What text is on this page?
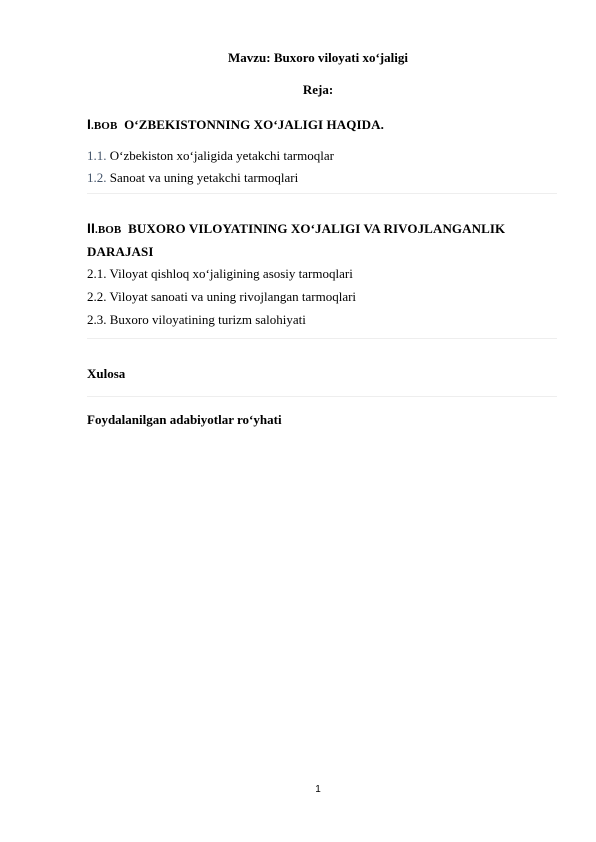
Mavzu: Buxoro viloyati xo‘jaligi
Reja:
I.BOB O‘ZBEKISTONNING XO‘JALIGI HAQIDA.
1.1. O‘zbekiston xo‘jaligida yetakchi tarmoqlar
1.2. Sanoat va uning yetakchi tarmoqlari
II.BOB BUXORO VILOYATINING XO‘JALIGI VA RIVOJLANGANLIK
DARAJASI
2.1. Viloyat qishloq xo‘jaligining asosiy tarmoqlari
2.2. Viloyat sanoati va uning rivojlangan tarmoqlari
2.3. Buxoro viloyatining turizm salohiyati
Xulosa
Foydalanilgan adabiyotlar ro‘yhati
1
